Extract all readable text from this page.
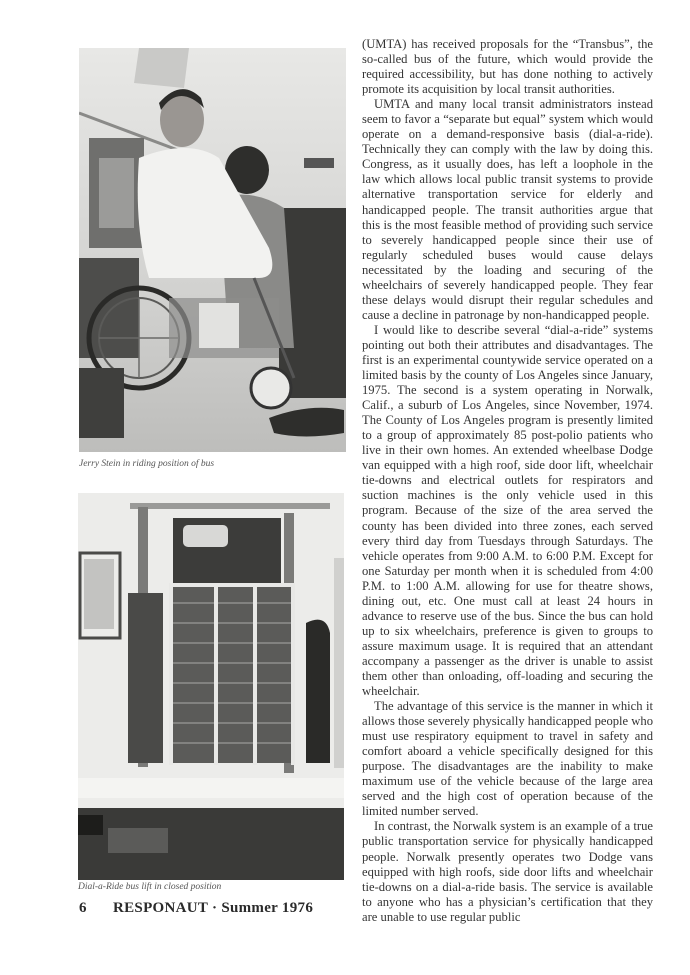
Jerry Stein in riding position of bus
Dial-a-Ride bus lift in closed position

(UMTA) has received proposals for the “Transbus”, the so-called bus of the future, which would provide the required accessibility, but has done nothing to actively promote its acquisition by local transit authorities.

UMTA and many local transit administrators instead seem to favor a “separate but equal” system which would operate on a demand-responsive basis (dial-a-ride). Technically they can comply with the law by doing this. Congress, as it usually does, has left a loophole in the law which allows local public transit systems to provide alternative transportation service for elderly and handicapped people. The transit authorities argue that this is the most feasible method of providing such service to severely handicapped people since their use of regularly scheduled buses would cause delays necessitated by the loading and securing of the wheelchairs of severely handicapped people. They fear these delays would disrupt their regular schedules and cause a decline in patronage by non-handicapped people.

I would like to describe several “dial-a-ride” systems pointing out both their attributes and disadvantages. The first is an experimental countywide service operated on a limited basis by the county of Los Angeles since January, 1975. The second is a system operating in Norwalk, Calif., a suburb of Los Angeles, since November, 1974. The County of Los Angeles program is presently limited to a group of approximately 85 post-polio patients who live in their own homes. An extended wheelbase Dodge van equipped with a high roof, side door lift, wheelchair tie-downs and electrical outlets for respirators and suction machines is the only vehicle used in this program. Because of the size of the area served the county has been divided into three zones, each served every third day from Tuesdays through Saturdays. The vehicle operates from 9:00 A.M. to 6:00 P.M. Except for one Saturday per month when it is scheduled from 4:00 P.M. to 1:00 A.M. allowing for use for theatre shows, dining out, etc. One must call at least 24 hours in advance to reserve use of the bus. Since the bus can hold up to six wheelchairs, preference is given to groups to assure maximum usage. It is required that an attendant accompany a passenger as the driver is unable to assist them other than onloading, off-loading and securing the wheelchair.

The advantage of this service is the manner in which it allows those severely physically handicapped people who must use respiratory equipment to travel in safety and comfort aboard a vehicle specifically designed for this purpose. The disadvantages are the inability to make maximum use of the vehicle because of the large area served and the high cost of operation because of the limited number served.

In contrast, the Norwalk system is an example of a true public transportation service for physically handicapped people. Norwalk presently operates two Dodge vans equipped with high roofs, side door lifts and wheelchair tie-downs on a dial-a-ride basis. The service is available to anyone who has a physician’s certification that they are unable to use regular public

6 RESPONAUT · Summer 1976
